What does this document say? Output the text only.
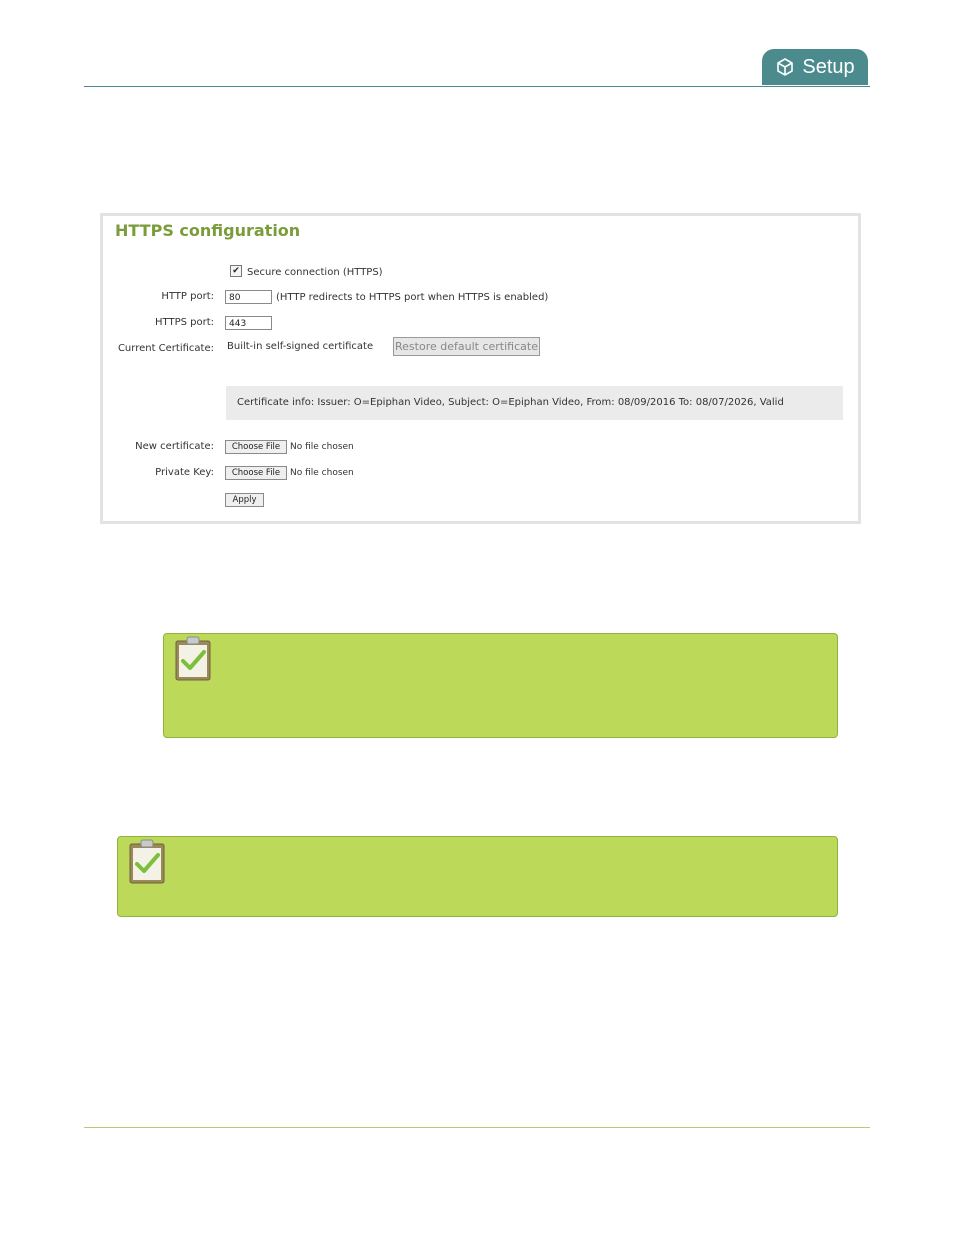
Setup
HTTPS configuration
✔ Secure connection (HTTPS)
HTTP port:	80	(HTTP redirects to HTTPS port when HTTPS is enabled)
HTTPS port:	443
Current Certificate: Built-in self-signed certificate Restore default certificate
Certificate info: Issuer: O=Epiphan Video, Subject: O=Epiphan Video, From: 08/09/2016 To: 08/07/2026, Valid
New certificate:	Choose File	No file chosen
Private Key:	Choose File	No file chosen
Apply
